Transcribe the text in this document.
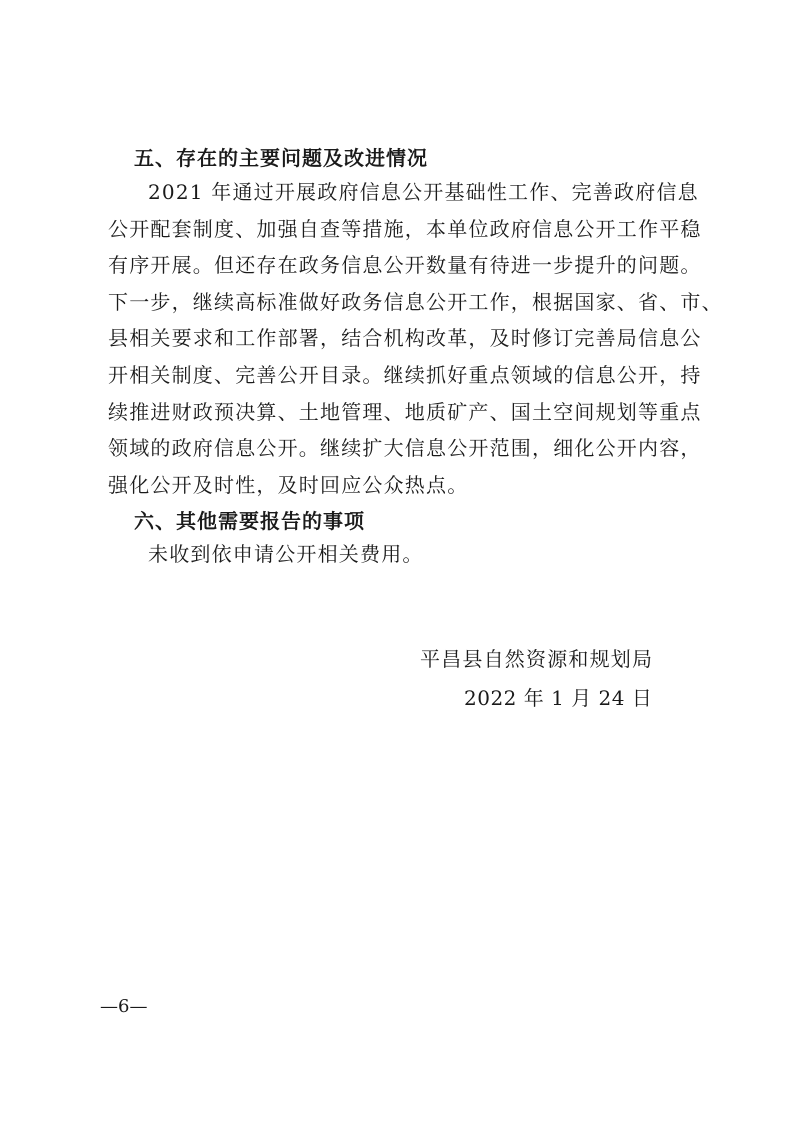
五、存在的主要问题及改进情况
2021 年通过开展政府信息公开基础性工作、完善政府信息
公开配套制度、加强自查等措施，本单位政府信息公开工作平稳
有序开展。但还存在政务信息公开数量有待进一步提升的问题。
下一步，继续高标准做好政务信息公开工作，根据国家、省、市、
县相关要求和工作部署，结合机构改革，及时修订完善局信息公
开相关制度、完善公开目录。继续抓好重点领域的信息公开，持
续推进财政预决算、土地管理、地质矿产、国土空间规划等重点
领域的政府信息公开。继续扩大信息公开范围，细化公开内容，
强化公开及时性，及时回应公众热点。
六、其他需要报告的事项
未收到依申请公开相关费用。
平昌县自然资源和规划局
2022 年 1 月 24 日
—6—
